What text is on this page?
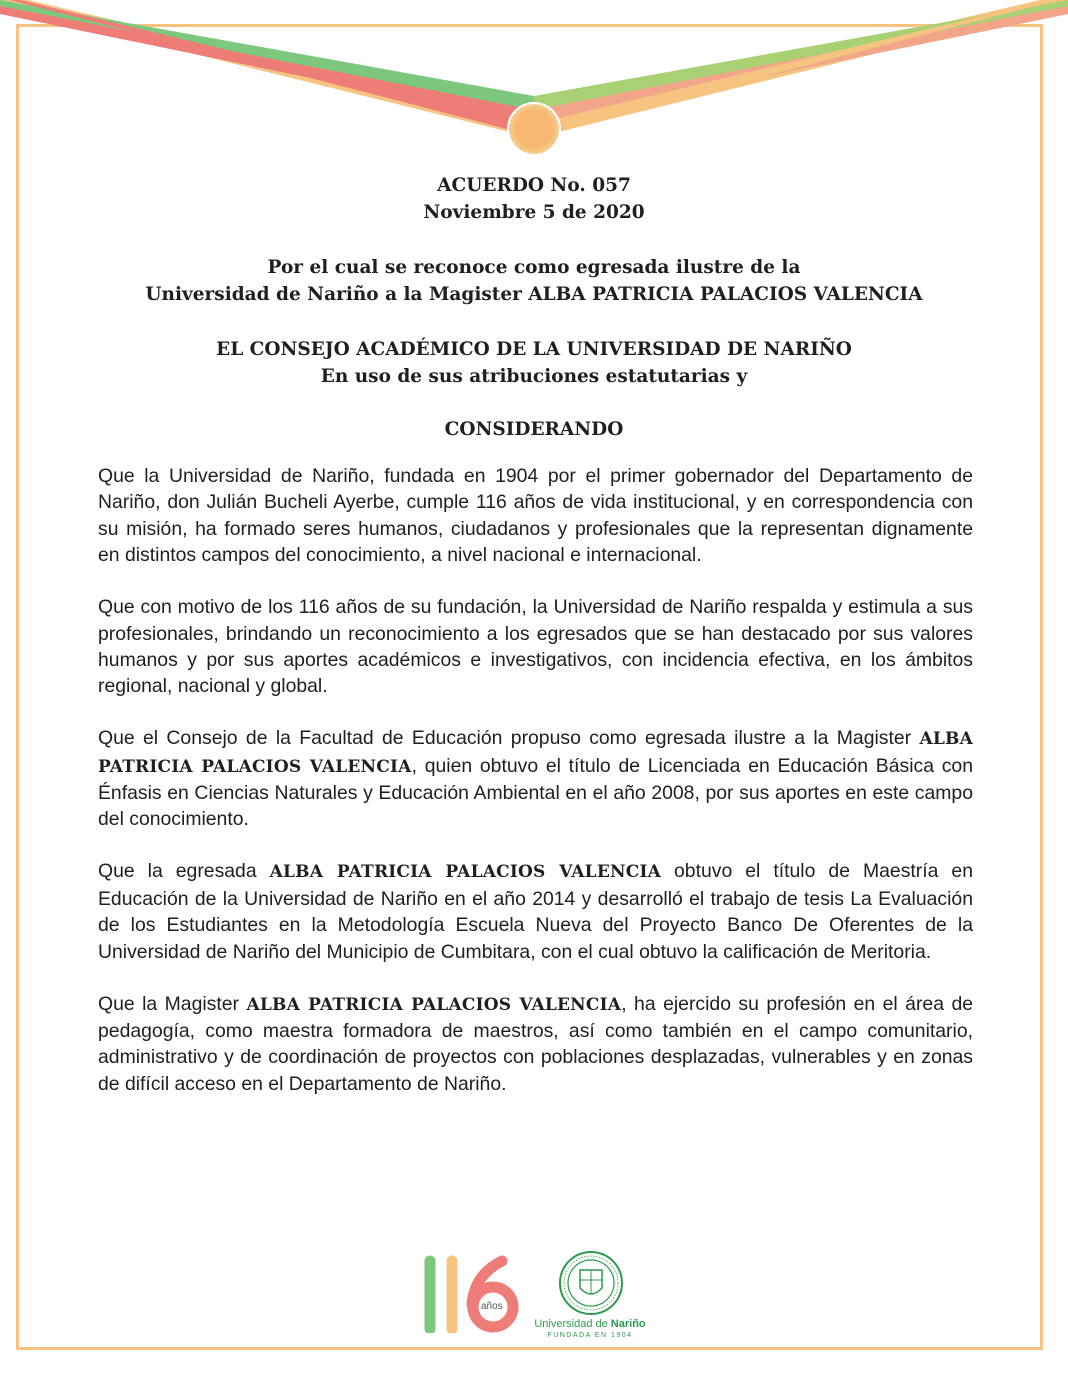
ACUERDO No. 057
Noviembre 5 de 2020
Por el cual se reconoce como egresada ilustre de la
Universidad de Nariño a la Magister ALBA PATRICIA PALACIOS VALENCIA
EL CONSEJO ACADÉMICO DE LA UNIVERSIDAD DE NARIÑO
En uso de sus atribuciones estatutarias y
CONSIDERANDO

Que la Universidad de Nariño, fundada en 1904 por el primer gobernador del Departamento de Nariño, don Julián Bucheli Ayerbe, cumple 116 años de vida institucional, y en correspondencia con su misión, ha formado seres humanos, ciudadanos y profesionales que la representan dignamente en distintos campos del conocimiento, a nivel nacional e internacional.

Que con motivo de los 116 años de su fundación, la Universidad de Nariño respalda y estimula a sus profesionales, brindando un reconocimiento a los egresados que se han destacado por sus valores humanos y por sus aportes académicos e investigativos, con incidencia efectiva, en los ámbitos regional, nacional y global.

Que el Consejo de la Facultad de Educación propuso como egresada ilustre a la Magister ALBA PATRICIA PALACIOS VALENCIA, quien obtuvo el título de Licenciada en Educación Básica con Énfasis en Ciencias Naturales y Educación Ambiental en el año 2008, por sus aportes en este campo del conocimiento.

Que la egresada ALBA PATRICIA PALACIOS VALENCIA obtuvo el título de Maestría en Educación de la Universidad de Nariño en el año 2014 y desarrolló el trabajo de tesis La Evaluación de los Estudiantes en la Metodología Escuela Nueva del Proyecto Banco De Oferentes de la Universidad de Nariño del Municipio de Cumbitara, con el cual obtuvo la calificación de Meritoria.

Que la Magister ALBA PATRICIA PALACIOS VALENCIA, ha ejercido su profesión en el área de pedagogía, como maestra formadora de maestros, así como también en el campo comunitario, administrativo y de coordinación de proyectos con poblaciones desplazadas, vulnerables y en zonas de difícil acceso en el Departamento de Nariño.

años
Universidad de Nariño
FUNDADA EN 1904
